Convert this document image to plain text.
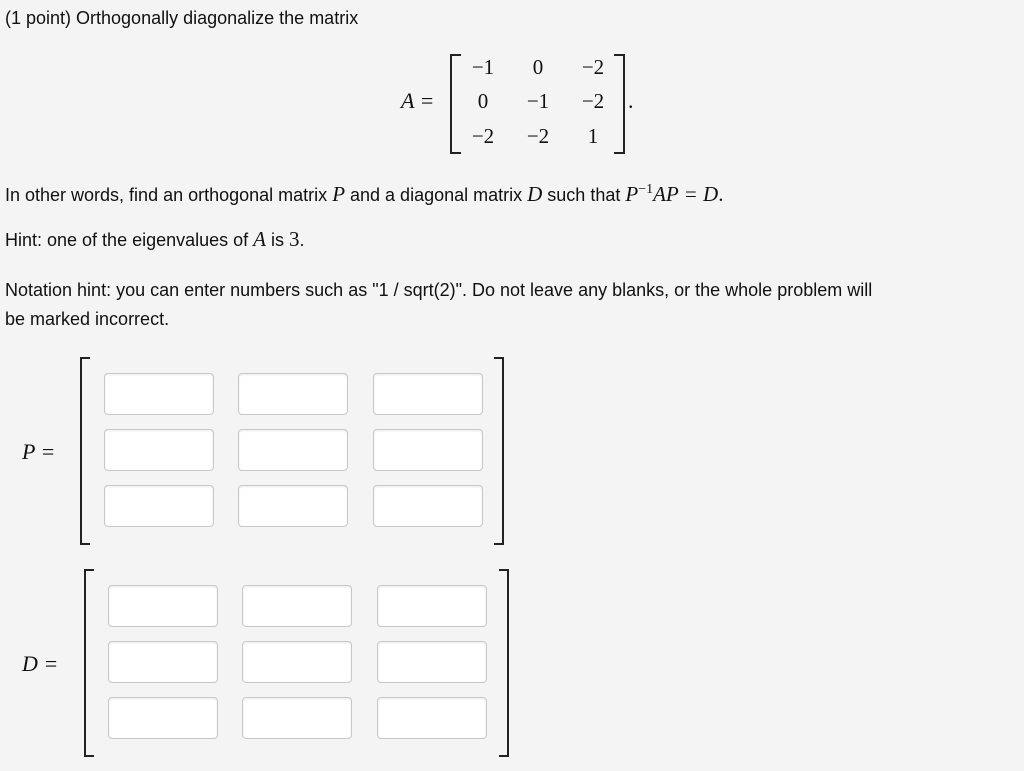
(1 point) Orthogonally diagonalize the matrix

A =
−1	0	−2
0	−1	−2
−2	−2	1
.

In other words, find an orthogonal matrix P and a diagonal matrix D such that $P^{-1}AP = D$.

Hint: one of the eigenvalues of A is 3.

Notation hint: you can enter numbers such as "1 / sqrt(2)". Do not leave any blanks, or the whole problem will

be marked incorrect.

P =
D =
